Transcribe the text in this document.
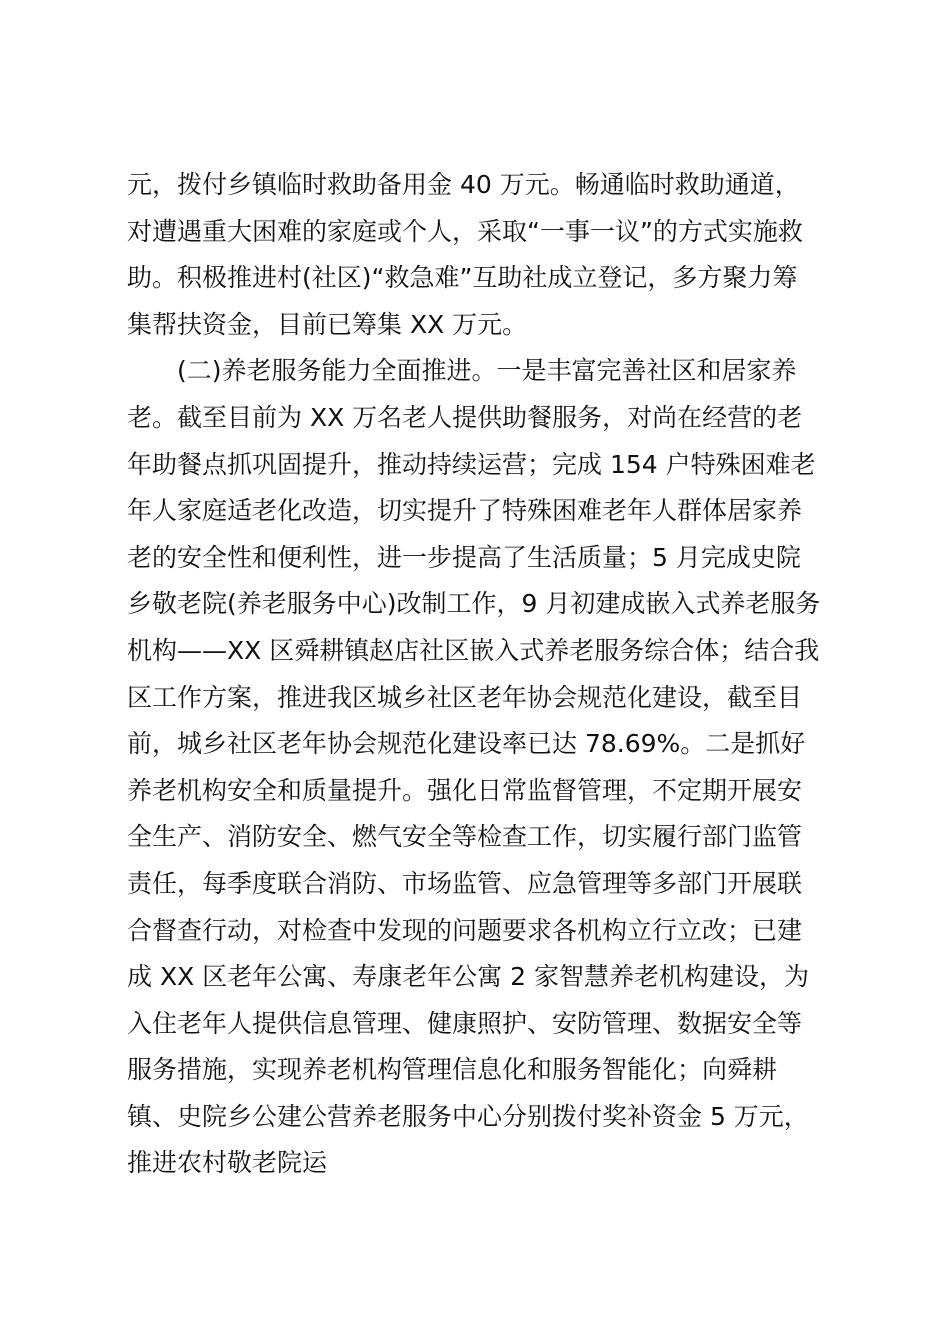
元，拨付乡镇临时救助备用金 40 万元。畅通临时救助通道，
对遭遇重大困难的家庭或个人，采取“一事一议”的方式实施救
助。积极推进村(社区)“救急难”互助社成立登记，多方聚力筹
集帮扶资金，目前已筹集 XX 万元。
(二)养老服务能力全面推进。一是丰富完善社区和居家养
老。截至目前为 XX 万名老人提供助餐服务，对尚在经营的老
年助餐点抓巩固提升，推动持续运营；完成 154 户特殊困难老
年人家庭适老化改造，切实提升了特殊困难老年人群体居家养
老的安全性和便利性，进一步提高了生活质量；5 月完成史院
乡敬老院(养老服务中心)改制工作，9 月初建成嵌入式养老服务
机构——XX 区舜耕镇赵店社区嵌入式养老服务综合体；结合我
区工作方案，推进我区城乡社区老年协会规范化建设，截至目
前，城乡社区老年协会规范化建设率已达 78.69%。二是抓好
养老机构安全和质量提升。强化日常监督管理，不定期开展安
全生产、消防安全、燃气安全等检查工作，切实履行部门监管
责任，每季度联合消防、市场监管、应急管理等多部门开展联
合督查行动，对检查中发现的问题要求各机构立行立改；已建
成 XX 区老年公寓、寿康老年公寓 2 家智慧养老机构建设，为
入住老年人提供信息管理、健康照护、安防管理、数据安全等
服务措施，实现养老机构管理信息化和服务智能化；向舜耕
镇、史院乡公建公营养老服务中心分别拨付奖补资金 5 万元，
推进农村敬老院运
